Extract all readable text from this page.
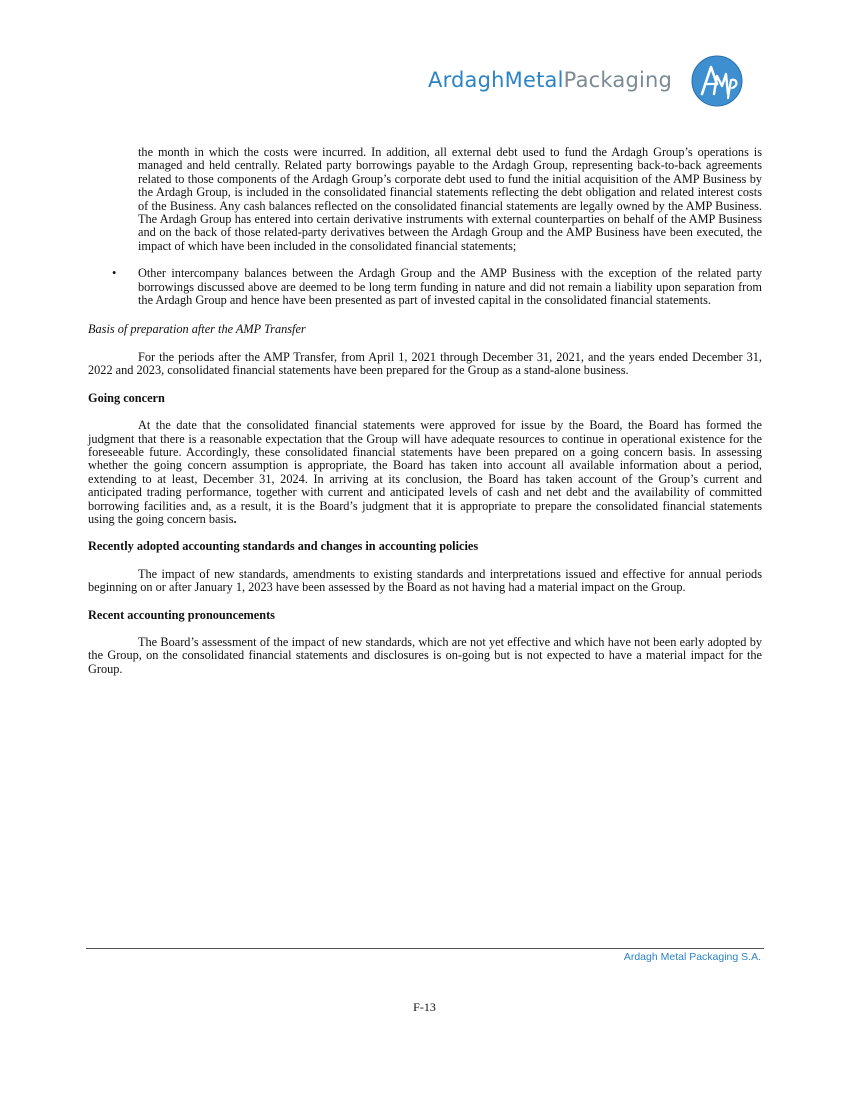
ArdaghMetalPackaging

the month in which the costs were incurred. In addition, all external debt used to fund the Ardagh Group’s operations is managed and held centrally. Related party borrowings payable to the Ardagh Group, representing back-to-back agreements related to those components of the Ardagh Group’s corporate debt used to fund the initial acquisition of the AMP Business by the Ardagh Group, is included in the consolidated financial statements reflecting the debt obligation and related interest costs of the Business. Any cash balances reflected on the consolidated financial statements are legally owned by the AMP Business. The Ardagh Group has entered into certain derivative instruments with external counterparties on behalf of the AMP Business and on the back of those related-party derivatives between the Ardagh Group and the AMP Business have been executed, the impact of which have been included in the consolidated financial statements;

• Other intercompany balances between the Ardagh Group and the AMP Business with the exception of the related party borrowings discussed above are deemed to be long term funding in nature and did not remain a liability upon separation from the Ardagh Group and hence have been presented as part of invested capital in the consolidated financial statements.

Basis of preparation after the AMP Transfer

For the periods after the AMP Transfer, from April 1, 2021 through December 31, 2021, and the years ended December 31, 2022 and 2023, consolidated financial statements have been prepared for the Group as a stand-alone business.

Going concern

At the date that the consolidated financial statements were approved for issue by the Board, the Board has formed the judgment that there is a reasonable expectation that the Group will have adequate resources to continue in operational existence for the foreseeable future. Accordingly, these consolidated financial statements have been prepared on a going concern basis. In assessing whether the going concern assumption is appropriate, the Board has taken into account all available information about a period, extending to at least, December 31, 2024. In arriving at its conclusion, the Board has taken account of the Group’s current and anticipated trading performance, together with current and anticipated levels of cash and net debt and the availability of committed borrowing facilities and, as a result, it is the Board’s judgment that it is appropriate to prepare the consolidated financial statements using the going concern basis.

Recently adopted accounting standards and changes in accounting policies

The impact of new standards, amendments to existing standards and interpretations issued and effective for annual periods beginning on or after January 1, 2023 have been assessed by the Board as not having had a material impact on the Group.

Recent accounting pronouncements

The Board’s assessment of the impact of new standards, which are not yet effective and which have not been early adopted by the Group, on the consolidated financial statements and disclosures is on-going but is not expected to have a material impact for the Group.

Ardagh Metal Packaging S.A.
F-13
